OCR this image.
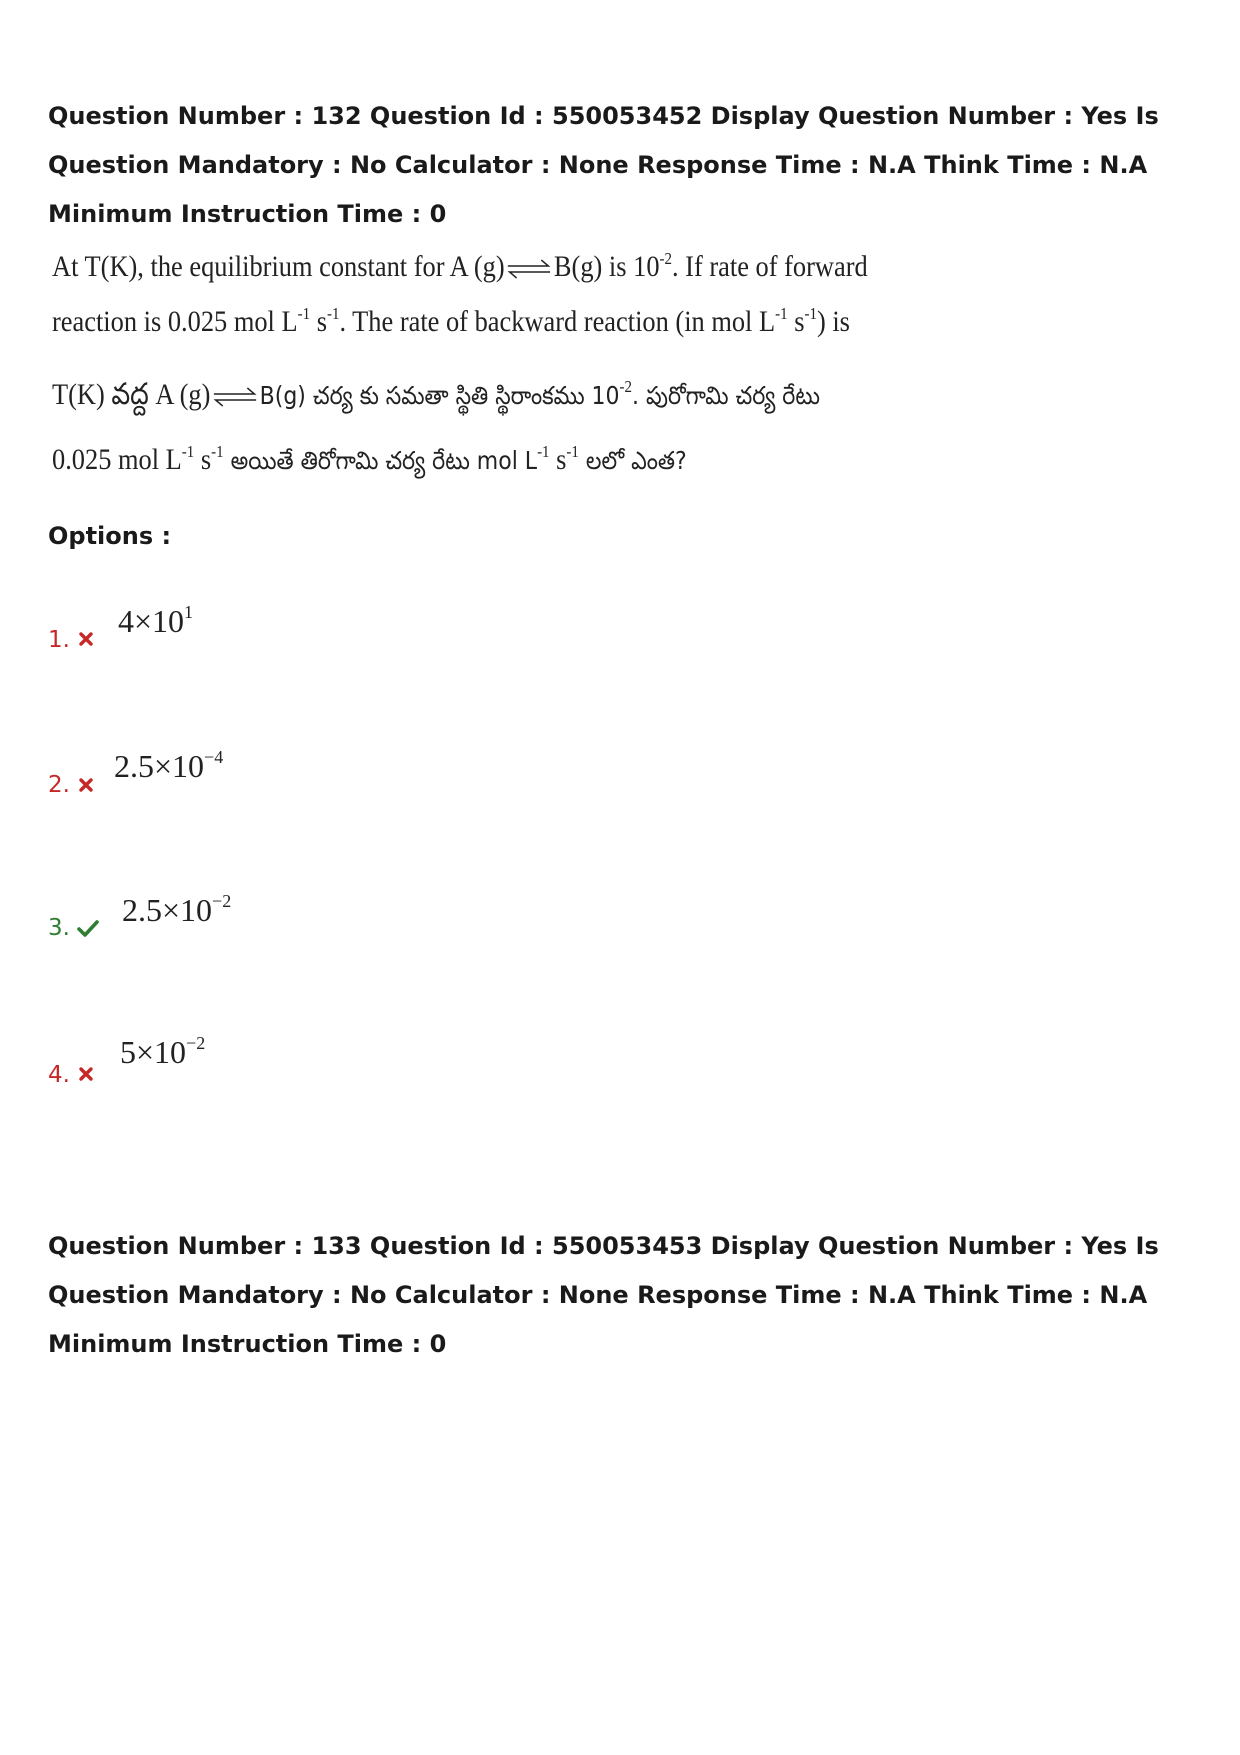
Question Number : 132 Question Id : 550053452 Display Question Number : Yes Is Question Mandatory : No Calculator : None Response Time : N.A Think Time : N.A Minimum Instruction Time : 0
At T(K), the equilibrium constant for A (g) ⇌ B(g) is $10^{-2}$. If rate of forward
reaction is 0.025 mol $L^{-1}$ $s^{-1}$. The rate of backward reaction (in mol $L^{-1}$ $s^{-1}$) is
T(K) వద్ద A (g) ⇌ B(g) చర్య కు సమతా స్థితి స్థిరాంకము $10^{-2}$. పురోగామి చర్య రేటు
0.025 mol $L^{-1}$ $s^{-1}$ అయితే తిరోగామి చర్య రేటు mol $L^{-1}$ $s^{-1}$ లలో ఎంత?
Options :
1.
$4\times 10^1$
2.
$2.5\times 10^{-4}$
3. $2.5\times 10^{-2}$
4.
$5\times 10^{-2}$
Question Number : 133 Question Id : 550053453 Display Question Number : Yes Is Question Mandatory : No Calculator : None Response Time : N.A Think Time : N.A Minimum Instruction Time : 0
